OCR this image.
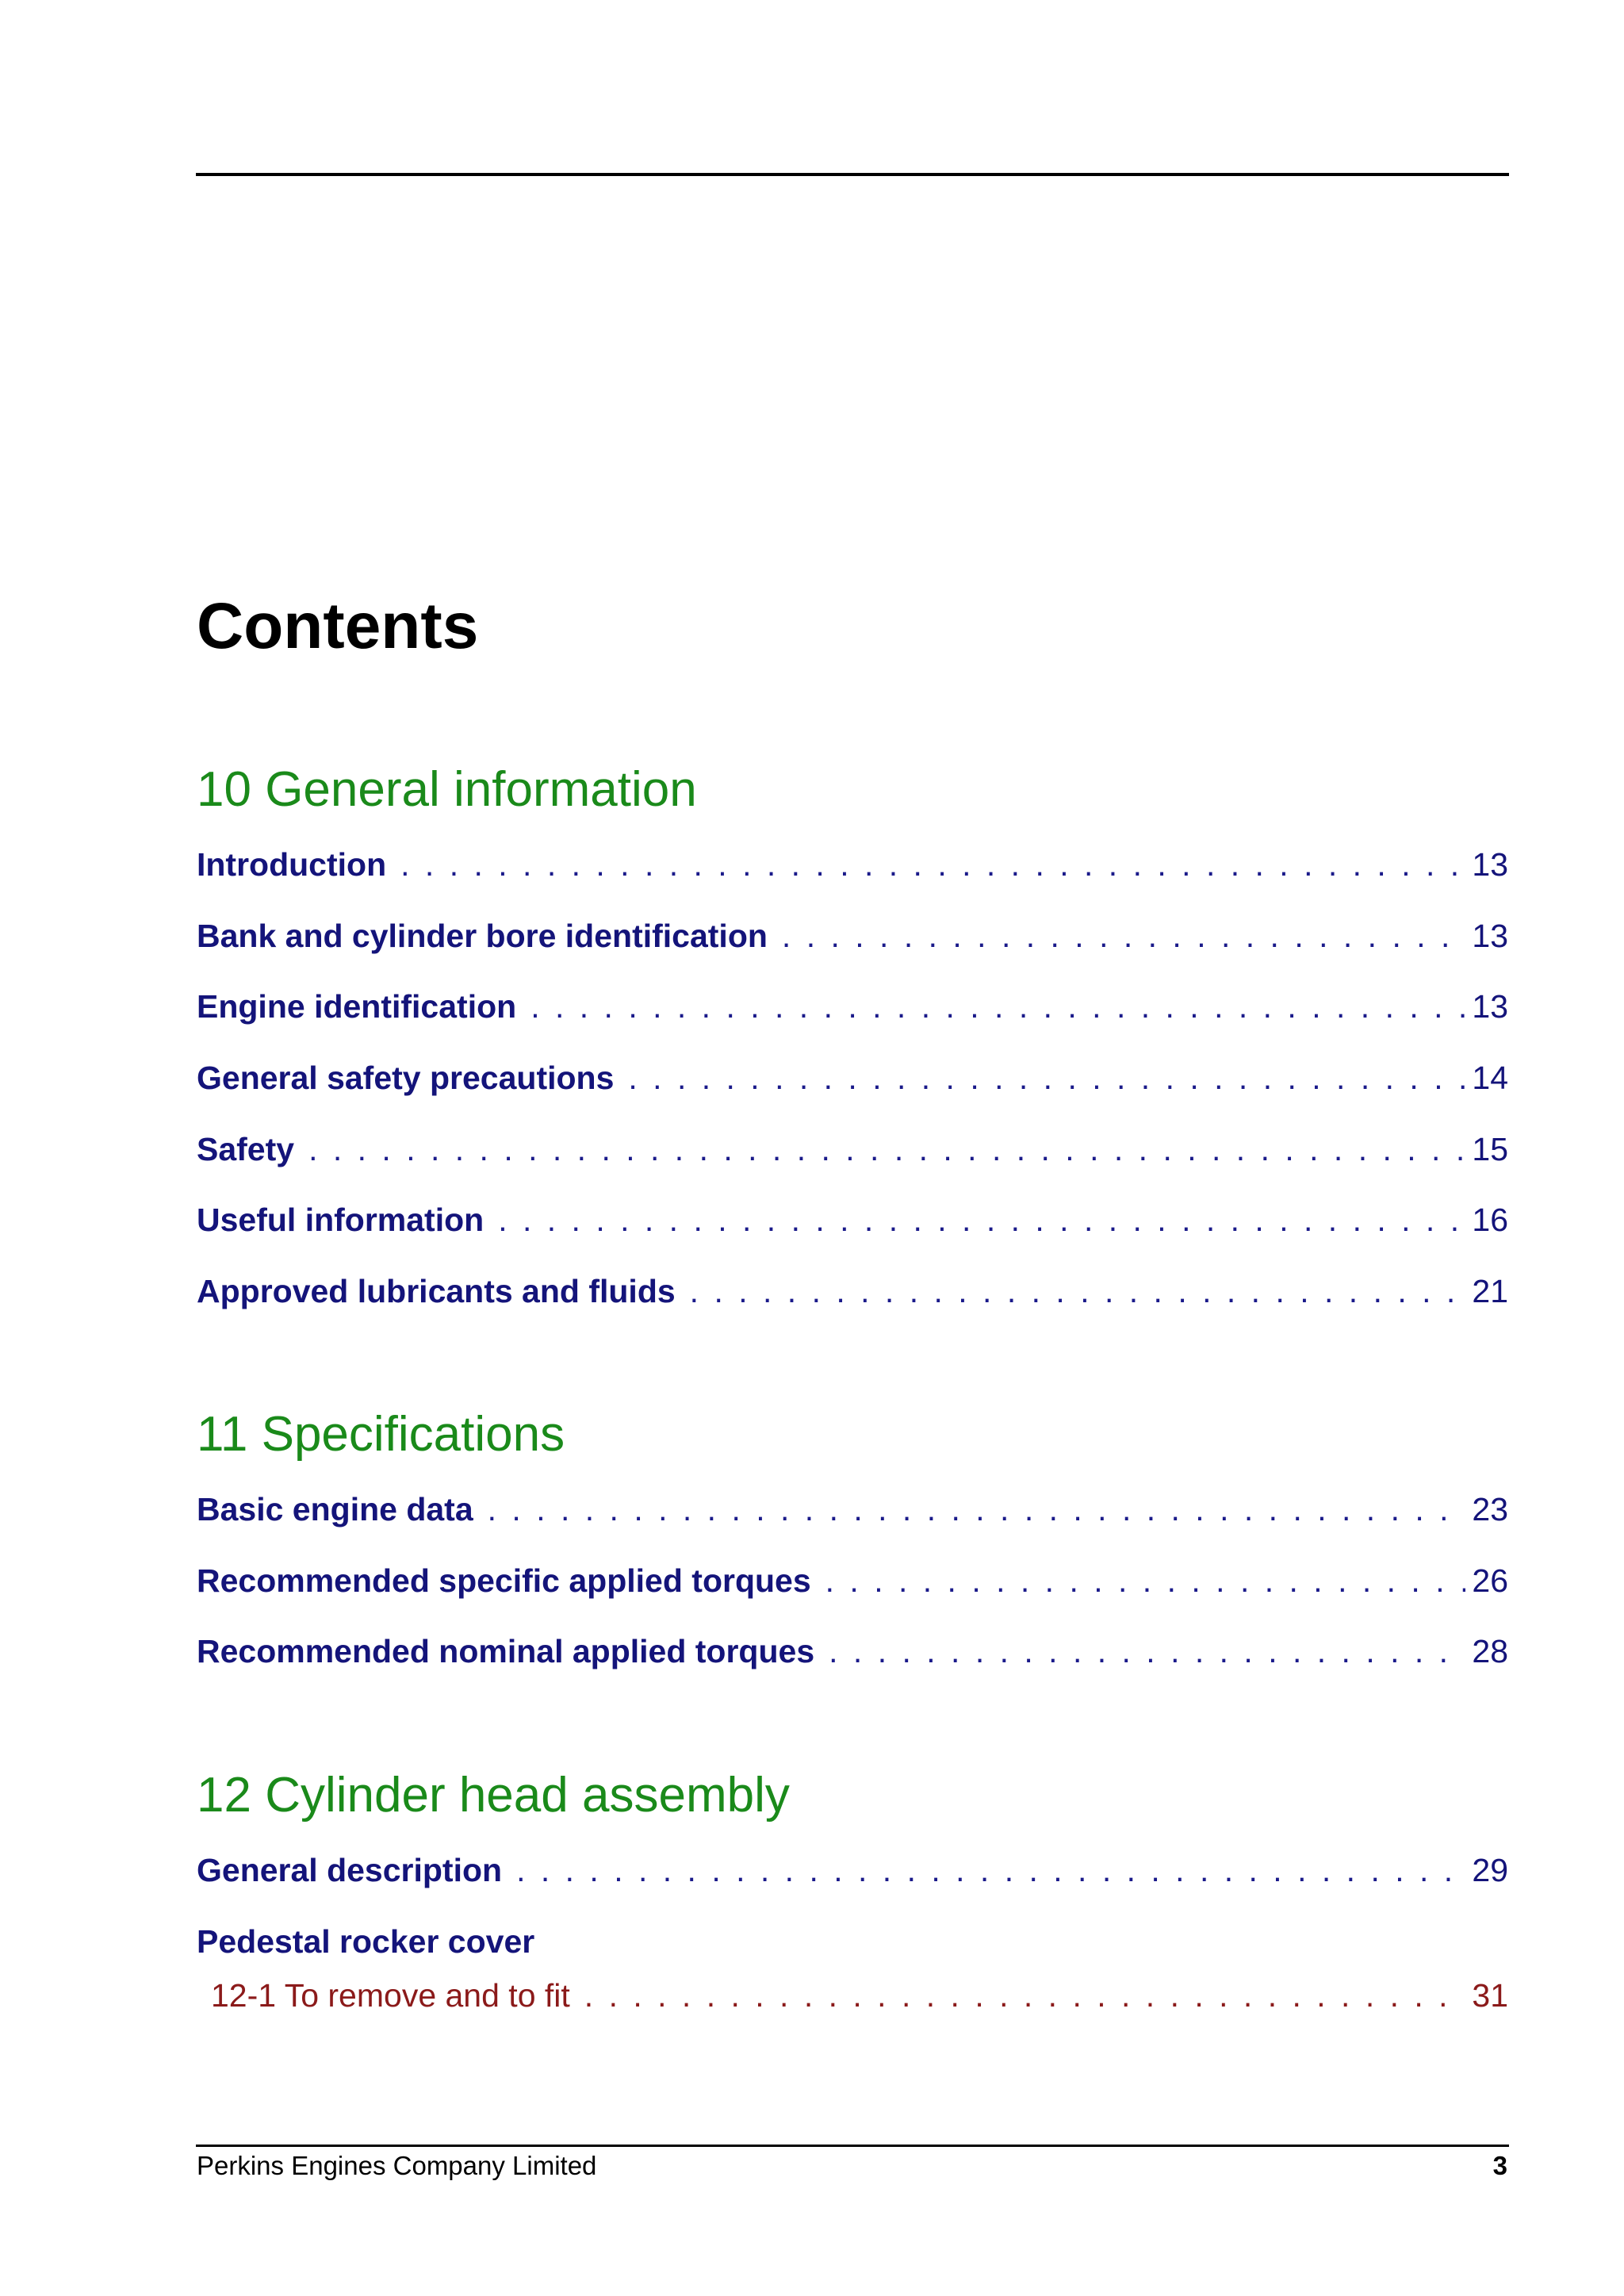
Contents
10 General information
Introduction . . .	13
Bank and cylinder bore identification . . .	13
Engine identification . . .	13
General safety precautions . . .	14
Safety . . .	15
Useful information . . .	16
Approved lubricants and fluids . . .	21
11 Specifications
Basic engine data . . .	23
Recommended specific applied torques . . .	26
Recommended nominal applied torques . . .	28
12 Cylinder head assembly
General description . . .	29
Pedestal rocker cover
12-1 To remove and to fit . . .	31
Perkins Engines Company Limited	3
